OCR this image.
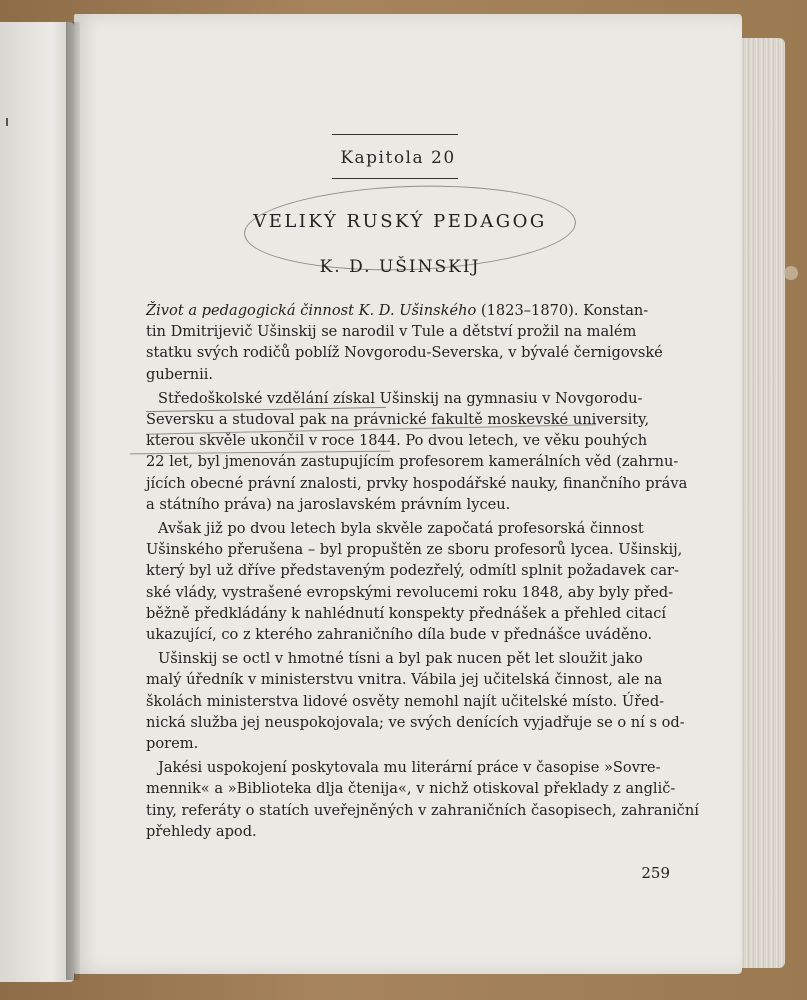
Kapitola 20
VELIKÝ RUSKÝ PEDAGOG
K. D. UŠINSKIJ

Život a pedagogická činnost K. D. Ušinského (1823–1870). Konstan-
tin Dmitrijevič Ušinskij se narodil v Tule a dětství prožil na malém
statku svých rodičů poblíž Novgorodu-Severska, v bývalé černigovské
gubernii.

Středoškolské vzdělání získal Ušinskij na gymnasiu v Novgorodu-
Seversku a studoval pak na právnické fakultě moskevské university,
kterou skvěle ukončil v roce 1844. Po dvou letech, ve věku pouhých
22 let, byl jmenován zastupujícím profesorem kamerálních věd (zahrnu-
jících obecné právní znalosti, prvky hospodářské nauky, finančního práva
a státního práva) na jaroslavském právním lyceu.

Avšak již po dvou letech byla skvěle započatá profesorská činnost
Ušinského přerušena – byl propuštěn ze sboru profesorů lycea. Ušinskij,
který byl už dříve představeným podezřelý, odmítl splnit požadavek car-
ské vlády, vystrašené evropskými revolucemi roku 1848, aby byly před-
běžně předkládány k nahlédnutí konspekty přednášek a přehled citací
ukazující, co z kterého zahraničního díla bude v přednášce uváděno.

Ušinskij se octl v hmotné tísni a byl pak nucen pět let sloužit jako
malý úředník v ministerstvu vnitra. Vábila jej učitelská činnost, ale na
školách ministerstva lidové osvěty nemohl najít učitelské místo. Úřed-
nická služba jej neuspokojovala; ve svých denících vyjadřuje se o ní s od-
porem.

Jakési uspokojení poskytovala mu literární práce v časopise »Sovre-
mennik« a »Biblioteka dlja čtenija«, v nichž otiskoval překlady z anglič-
tiny, referáty o statích uveřejněných v zahraničních časopisech, zahraniční
přehledy apod.

259
